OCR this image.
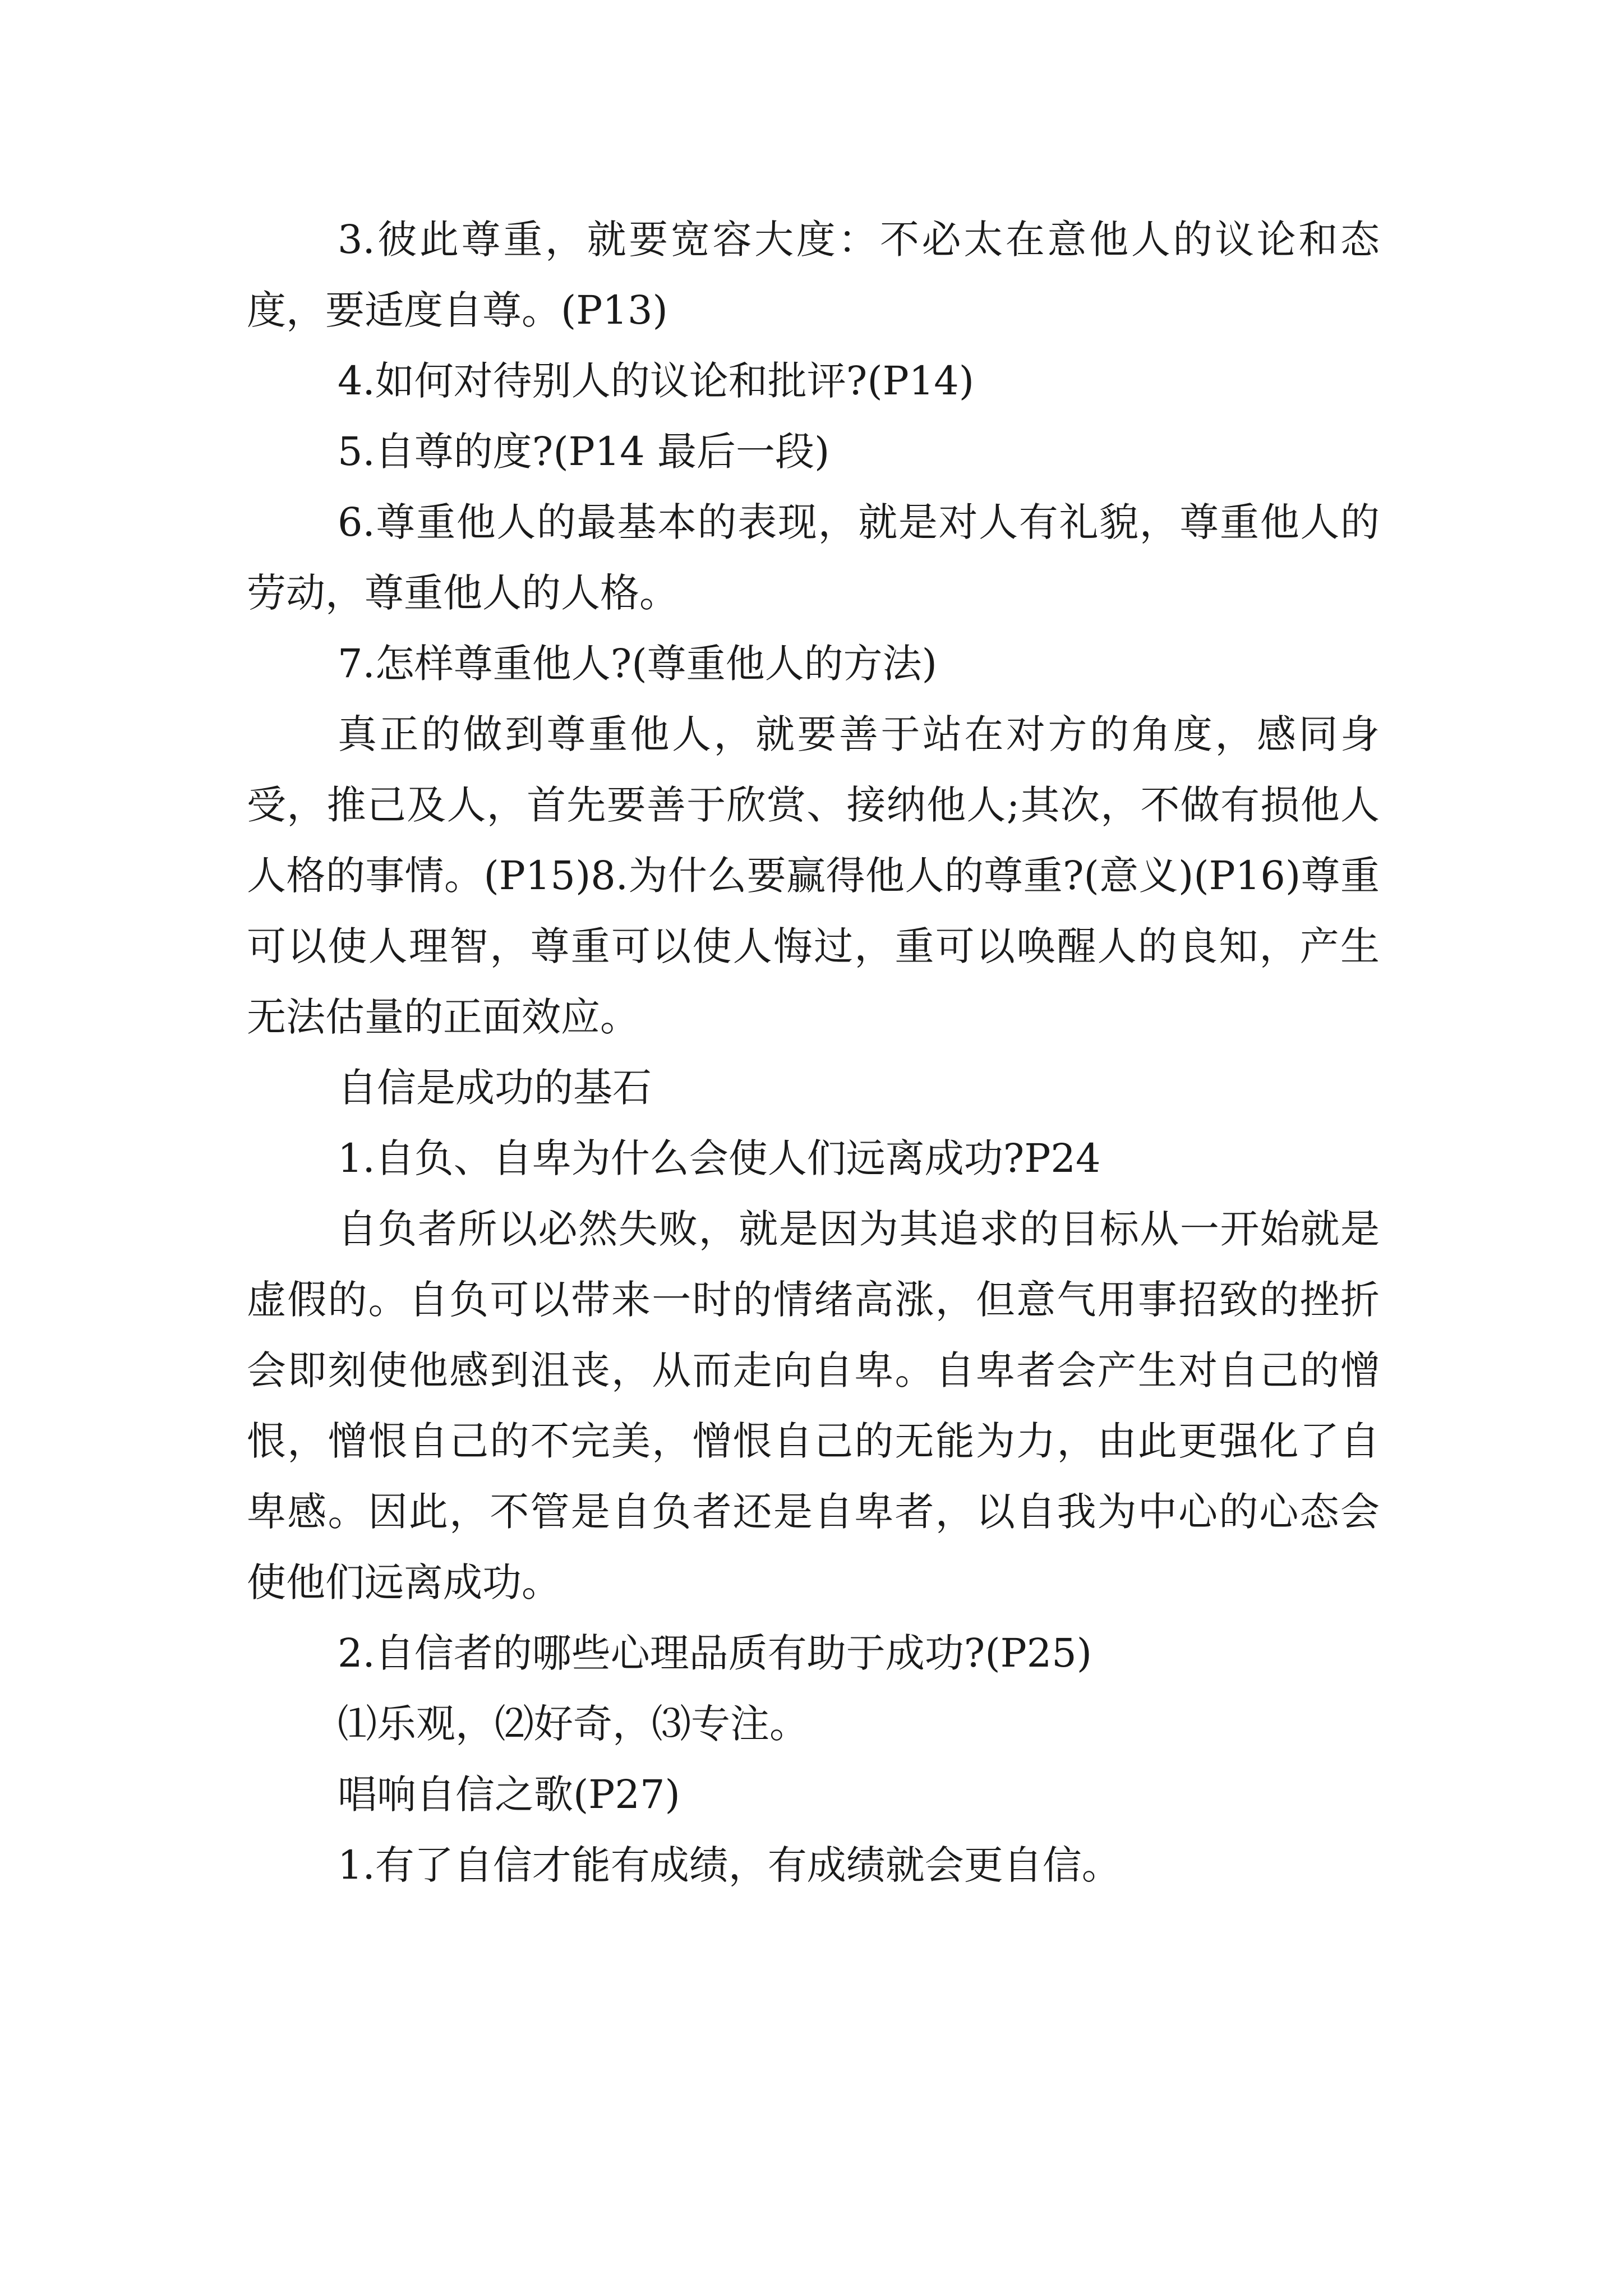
3.彼此尊重，就要宽容大度：不必太在意他人的议论和态度，要适度自尊。(P13)

4.如何对待别人的议论和批评?(P14)

5.自尊的度?(P14 最后一段)

6.尊重他人的最基本的表现，就是对人有礼貌，尊重他人的劳动，尊重他人的人格。

7.怎样尊重他人?(尊重他人的方法)

真正的做到尊重他人，就要善于站在对方的角度，感同身受，推己及人，首先要善于欣赏、接纳他人;其次，不做有损他人人格的事情。(P15)8.为什么要赢得他人的尊重?(意义)(P16)尊重可以使人理智，尊重可以使人悔过，重可以唤醒人的良知，产生无法估量的正面效应。

自信是成功的基石

1.自负、自卑为什么会使人们远离成功?P24

自负者所以必然失败，就是因为其追求的目标从一开始就是虚假的。自负可以带来一时的情绪高涨，但意气用事招致的挫折会即刻使他感到沮丧，从而走向自卑。自卑者会产生对自己的憎恨，憎恨自己的不完美，憎恨自己的无能为力，由此更强化了自卑感。因此，不管是自负者还是自卑者，以自我为中心的心态会使他们远离成功。

2.自信者的哪些心理品质有助于成功?(P25)

⑴乐观，⑵好奇，⑶专注。

唱响自信之歌(P27)

1.有了自信才能有成绩，有成绩就会更自信。
